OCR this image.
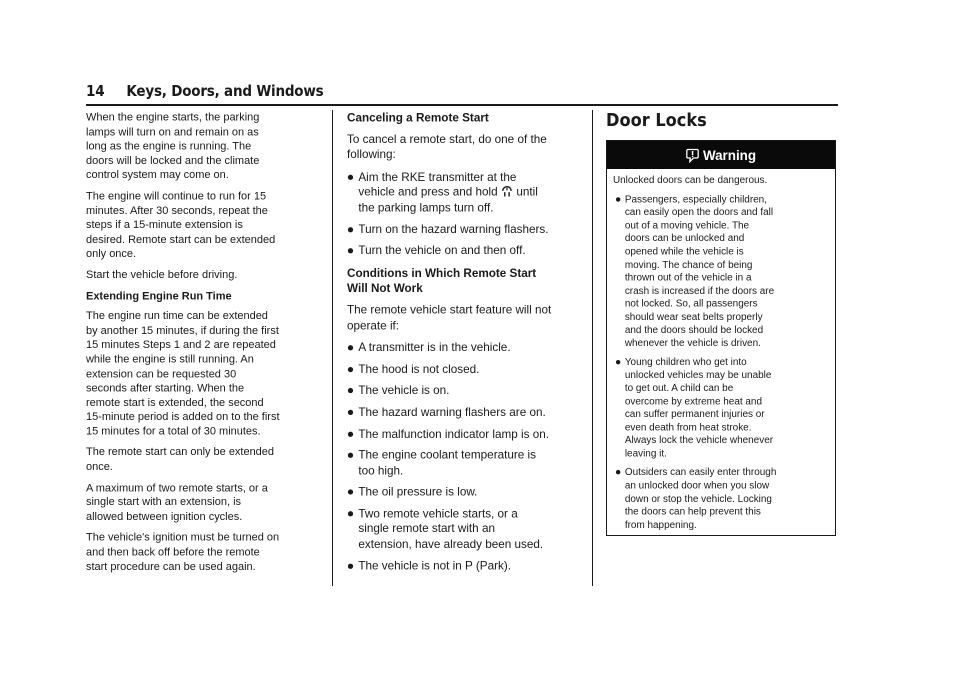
14 Keys, Doors, and Windows

When the engine starts, the parking lamps will turn on and remain on as long as the engine is running. The doors will be locked and the climate control system may come on.

The engine will continue to run for 15 minutes. After 30 seconds, repeat the steps if a 15-minute extension is desired. Remote start can be extended only once.

Start the vehicle before driving.

Extending Engine Run Time

The engine run time can be extended by another 15 minutes, if during the first 15 minutes Steps 1 and 2 are repeated while the engine is still running. An extension can be requested 30 seconds after starting. When the remote start is extended, the second 15-minute period is added on to the first 15 minutes for a total of 30 minutes.

The remote start can only be extended once.

A maximum of two remote starts, or a single start with an extension, is allowed between ignition cycles.

The vehicle's ignition must be turned on and then back off before the remote start procedure can be used again.

Canceling a Remote Start

To cancel a remote start, do one of the following:

Aim the RKE transmitter at the vehicle and press and hold  until the parking lamps turn off.
Turn on the hazard warning flashers.
Turn the vehicle on and then off.

Conditions in Which Remote Start Will Not Work

The remote vehicle start feature will not operate if:

A transmitter is in the vehicle.
The hood is not closed.
The vehicle is on.
The hazard warning flashers are on.
The malfunction indicator lamp is on.
The engine coolant temperature is too high.
The oil pressure is low.
Two remote vehicle starts, or a single remote start with an extension, have already been used.
The vehicle is not in P (Park).
Door Locks
Warning

Unlocked doors can be dangerous.

Passengers, especially children, can easily open the doors and fall out of a moving vehicle. The doors can be unlocked and opened while the vehicle is moving. The chance of being thrown out of the vehicle in a crash is increased if the doors are not locked. So, all passengers should wear seat belts properly and the doors should be locked whenever the vehicle is driven.
Young children who get into unlocked vehicles may be unable to get out. A child can be overcome by extreme heat and can suffer permanent injuries or even death from heat stroke. Always lock the vehicle whenever leaving it.
Outsiders can easily enter through an unlocked door when you slow down or stop the vehicle. Locking the doors can help prevent this from happening.
